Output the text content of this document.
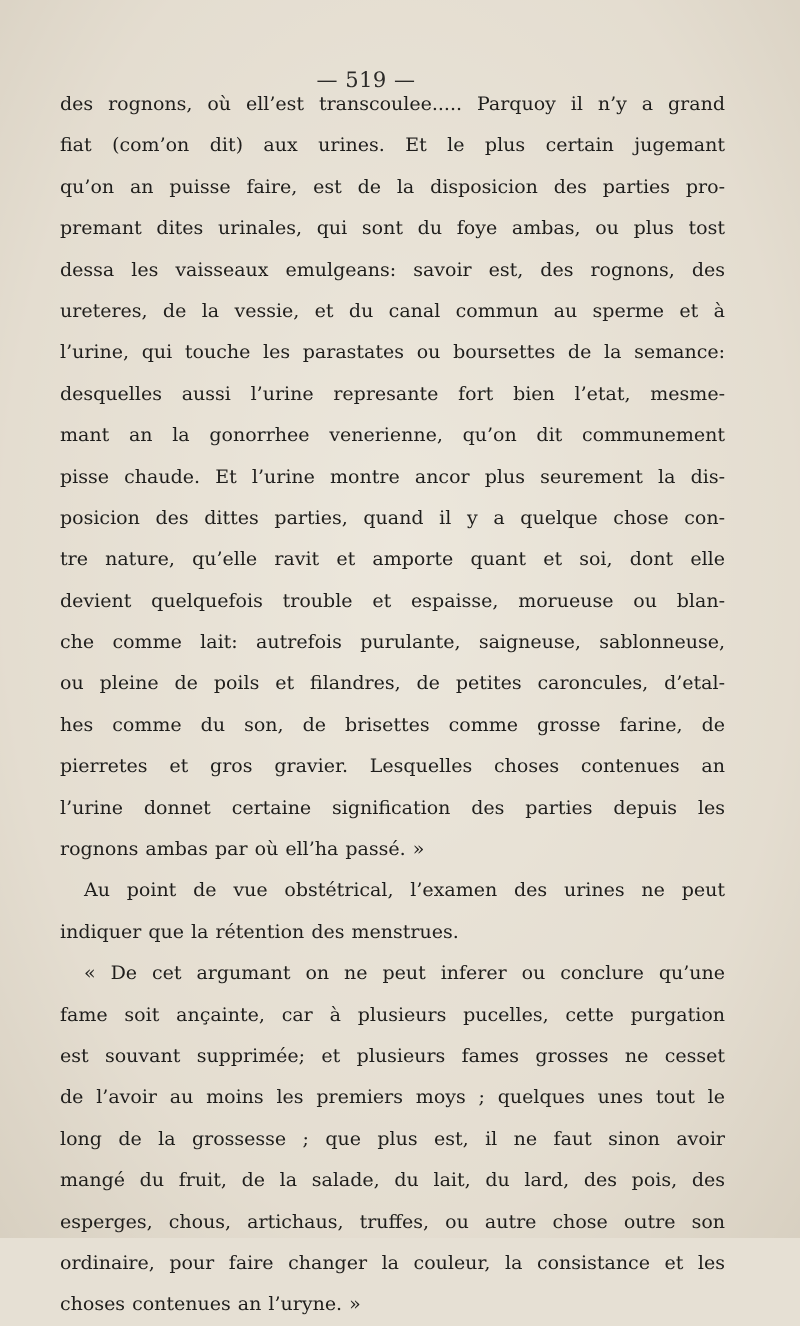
— 519 —
des rognons, où ell’est transcoulee..... Parquoy il n’y a grand
fiat (com’on dit) aux urines. Et le plus certain jugemant
qu’on an puisse faire, est de la disposicion des parties pro-
premant dites urinales, qui sont du foye ambas, ou plus tost
dessa les vaisseaux emulgeans: savoir est, des rognons, des
ureteres, de la vessie, et du canal commun au sperme et à
l’urine, qui touche les parastates ou boursettes de la semance:
desquelles aussi l’urine represante fort bien l’etat, mesme-
mant an la gonorrhee venerienne, qu’on dit communement
pisse chaude. Et l’urine montre ancor plus seurement la dis-
posicion des dittes parties, quand il y a quelque chose con-
tre nature, qu’elle ravit et amporte quant et soi, dont elle
devient quelquefois trouble et espaisse, morueuse ou blan-
che comme lait: autrefois purulante, saigneuse, sablonneuse,
ou pleine de poils et filandres, de petites caroncules, d’etal-
hes comme du son, de brisettes comme grosse farine, de
pierretes et gros gravier. Lesquelles choses contenues an
l’urine donnet certaine signification des parties depuis les
rognons ambas par où ell’ha passé. »
Au point de vue obstétrical, l’examen des urines ne peut
indiquer que la rétention des menstrues.
« De cet argumant on ne peut inferer ou conclure qu’une
fame soit ançainte, car à plusieurs pucelles, cette purgation
est souvant supprimée; et plusieurs fames grosses ne cesset
de l’avoir au moins les premiers moys ; quelques unes tout le
long de la grossesse ; que plus est, il ne faut sinon avoir
mangé du fruit, de la salade, du lait, du lard, des pois, des
esperges, chous, artichaus, truffes, ou autre chose outre son
ordinaire, pour faire changer la couleur, la consistance et les
choses contenues an l’uryne. »
